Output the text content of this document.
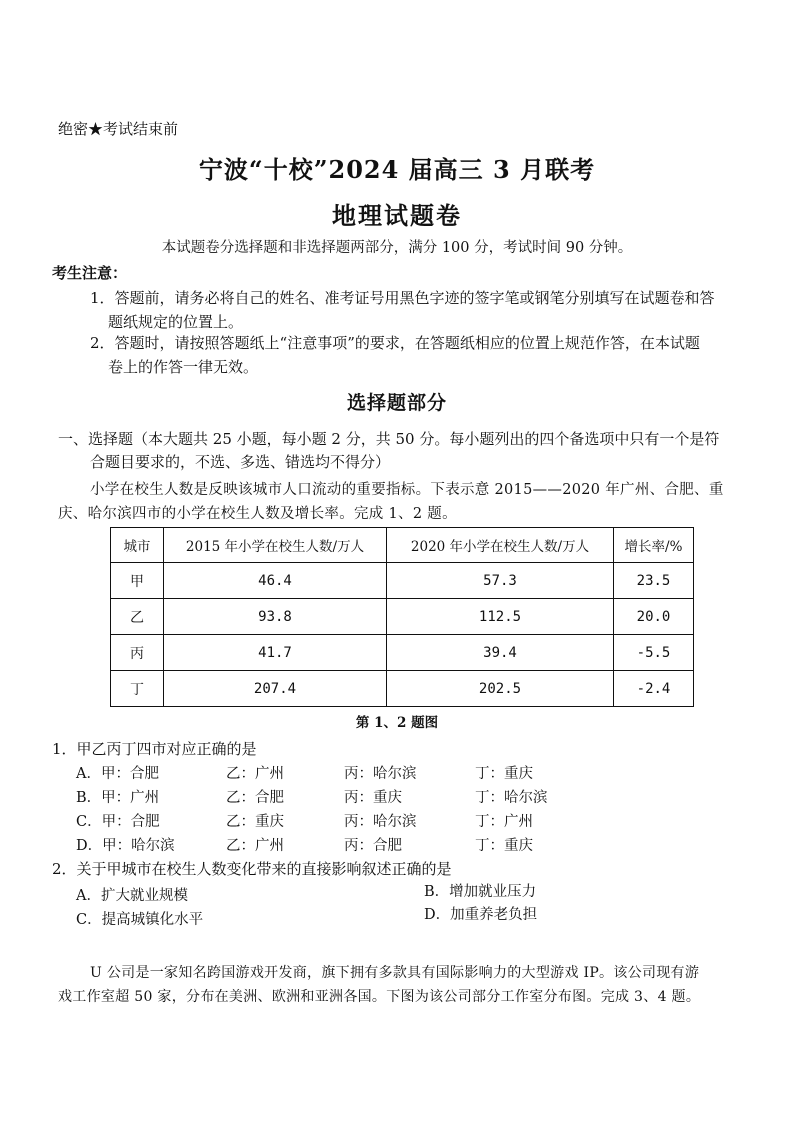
绝密★考试结束前
宁波“十校”2024 届高三 3 月联考
地理试题卷
本试题卷分选择题和非选择题两部分，满分 100 分，考试时间 90 分钟。
考生注意：
1．答题前，请务必将自己的姓名、准考证号用黑色字迹的签字笔或钢笔分别填写在试题卷和答
题纸规定的位置上。
2．答题时，请按照答题纸上“注意事项”的要求，在答题纸相应的位置上规范作答，在本试题
卷上的作答一律无效。
选择题部分
一、选择题（本大题共 25 小题，每小题 2 分，共 50 分。每小题列出的四个备选项中只有一个是符
合题目要求的，不选、多选、错选均不得分）
小学在校生人数是反映该城市人口流动的重要指标。下表示意 2015——2020 年广州、合肥、重
庆、哈尔滨四市的小学在校生人数及增长率。完成 1、2 题。
城市	2015 年小学在校生人数/万人	2020 年小学在校生人数/万人	增长率/%
甲	46.4	57.3	23.5
乙	93.8	112.5	20.0
丙	41.7	39.4	-5.5
丁	207.4	202.5	-2.4
第 1、2 题图
1．甲乙丙丁四市对应正确的是
A．甲：合肥	乙：广州	丙：哈尔滨	丁：重庆
B．甲：广州	乙：合肥	丙：重庆	丁：哈尔滨
C．甲：合肥	乙：重庆	丙：哈尔滨	丁：广州
D．甲：哈尔滨	乙：广州	丙：合肥	丁：重庆
2．关于甲城市在校生人数变化带来的直接影响叙述正确的是
A．扩大就业规模	B．增加就业压力
C．提高城镇化水平	D．加重养老负担
U 公司是一家知名跨国游戏开发商，旗下拥有多款具有国际影响力的大型游戏 IP。该公司现有游
戏工作室超 50 家，分布在美洲、欧洲和亚洲各国。下图为该公司部分工作室分布图。完成 3、4 题。
